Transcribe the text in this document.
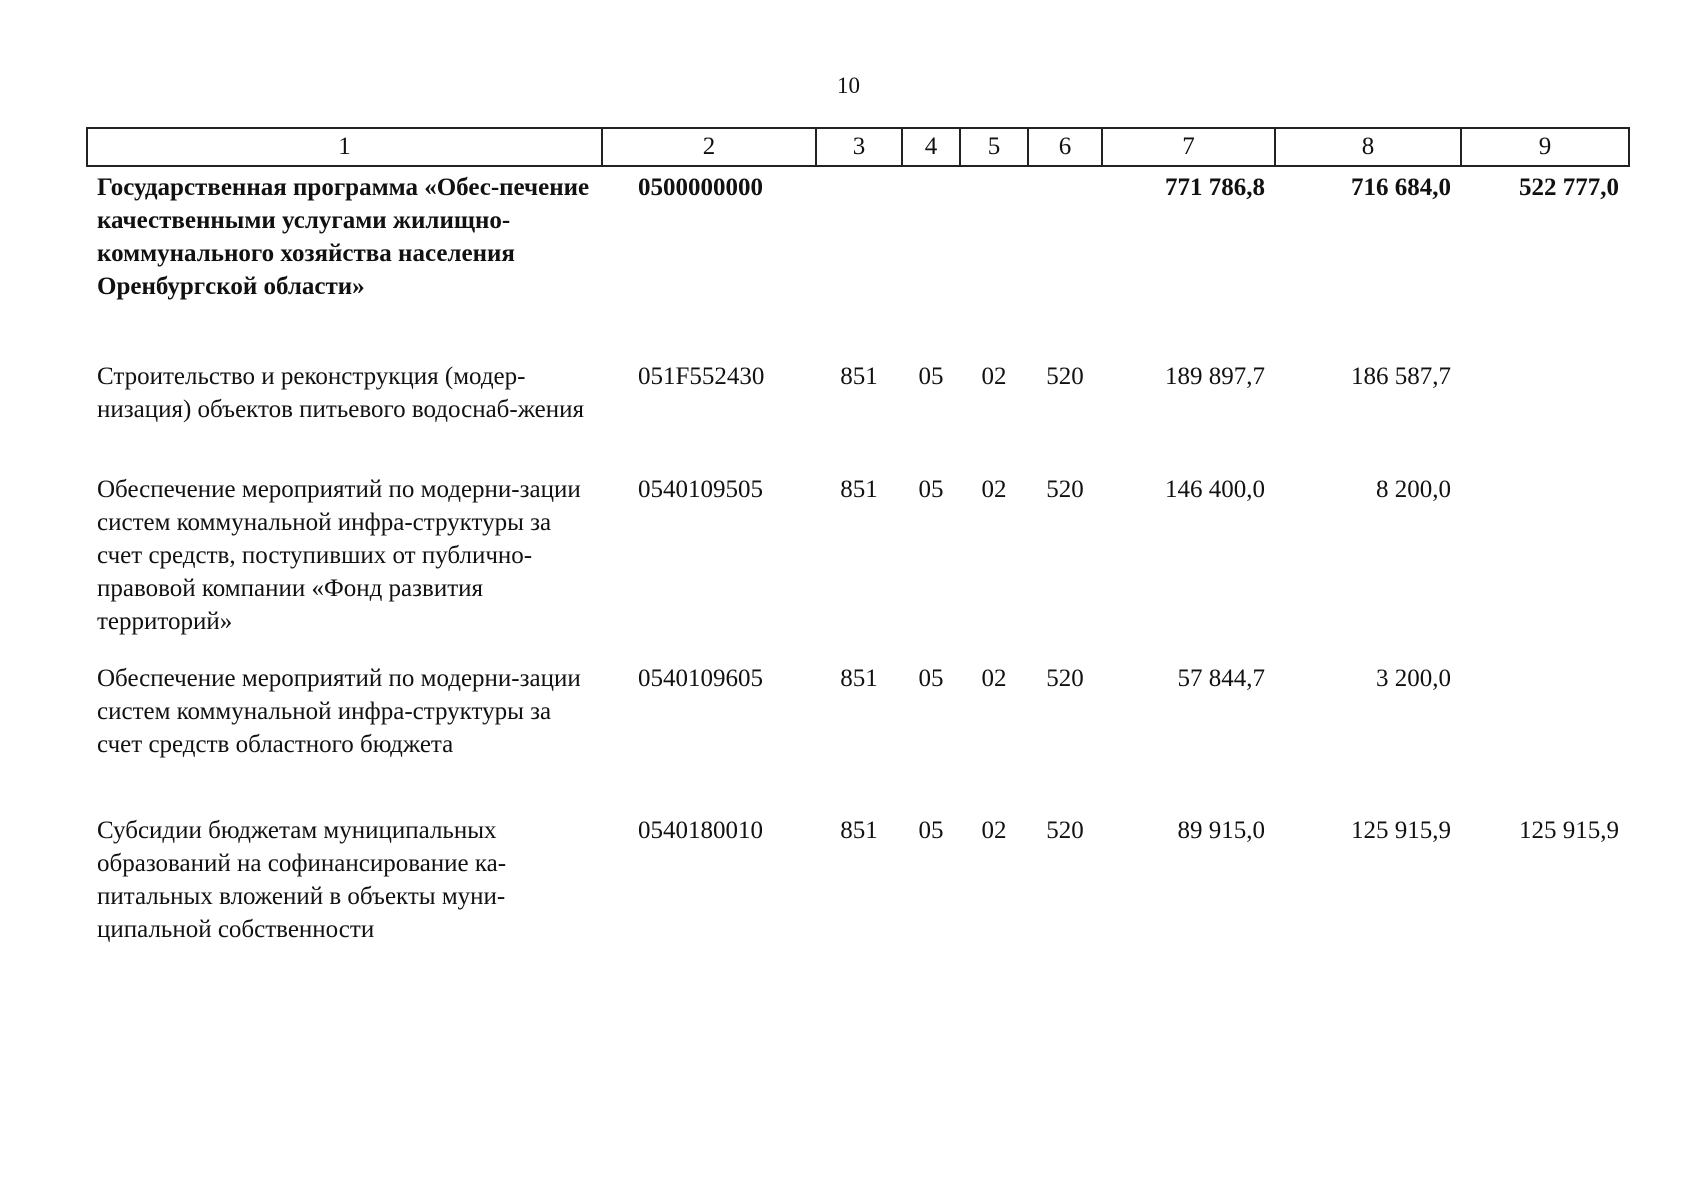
10
1	2	3	4	5	6	7	8	9
Государственная программа «Обес-печение качественными услугами жилищно-коммунального хозяйства населения Оренбургской области»	0500000000					771 786,8	716 684,0	522 777,0
Строительство и реконструкция (модер-низация) объектов питьевого водоснаб-жения	051F552430	851	05	02	520	189 897,7	186 587,7	
Обеспечение мероприятий по модерни-зации систем коммунальной инфра-структуры за счет средств, поступивших от публично-правовой компании «Фонд развития территорий»	0540109505	851	05	02	520	146 400,0	8 200,0	
Обеспечение мероприятий по модерни-зации систем коммунальной инфра-структуры за счет средств областного бюджета	0540109605	851	05	02	520	57 844,7	3 200,0	
Субсидии бюджетам муниципальных образований на софинансирование ка-питальных вложений в объекты муни-ципальной собственности	0540180010	851	05	02	520	89 915,0	125 915,9	125 915,9
